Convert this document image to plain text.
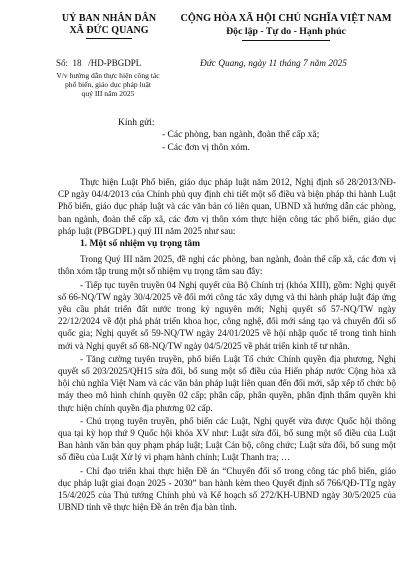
UỶ BAN NHÂN DÂN
XÃ ĐỨC QUANG
Số:  18   /HD-PBGDPL
V/v hướng dẫn thực hiện công tác
phổ biến, giáo dục pháp luật
quý III năm 2025
CỘNG HÒA XÃ HỘI CHỦ NGHĨA VIỆT NAM
Độc lập - Tự do - Hạnh phúc
Đức Quang, ngày 11 tháng 7 năm 2025
Kính gửi:
- Các phòng, ban ngành, đoàn thể cấp xã;
- Các đơn vị thôn xóm.

Thực hiện Luật Phổ biến, giáo dục pháp luật năm 2012, Nghị định số 28/2013/NĐ-CP ngày 04/4/2013 của Chính phủ quy định chi tiết một số điều và biện pháp thi hành Luật Phổ biến, giáo dục pháp luật và các văn bản có liên quan, UBND xã hướng dẫn các phòng, ban ngành, đoàn thể cấp xã, các đơn vị thôn xóm thực hiện công tác phổ biến, giáo dục pháp luật (PBGDPL) quý III năm 2025 như sau:

1. Một số nhiệm vụ trọng tâm

Trong Quý III năm 2025, đề nghị các phòng, ban ngành, đoàn thể cấp xã, các đơn vị thôn xóm tập trung một số nhiệm vụ trọng tâm sau đây:

- Tiếp tục tuyên truyền 04 Nghị quyết của Bộ Chính trị (khóa XIII), gồm: Nghị quyết số 66-NQ/TW ngày 30/4/2025 về đổi mới công tác xây dựng và thi hành pháp luật đáp ứng yêu cầu phát triển đất nước trong kỷ nguyên mới; Nghị quyết số 57-NQ/TW ngày 22/12/2024 về đột phá phát triển khoa học, công nghệ, đổi mới sáng tạo và chuyển đổi số quốc gia; Nghị quyết số 59-NQ/TW ngày 24/01/2025 về hội nhập quốc tế trong tình hình mới và Nghị quyết số 68-NQ/TW ngày 04/5/2025 về phát triển kinh tế tư nhân.

- Tăng cường tuyên truyền, phổ biến Luật Tổ chức Chính quyền địa phương, Nghị quyết số 203/2025/QH15 sửa đổi, bổ sung một số điều của Hiến pháp nước Cộng hòa xã hội chủ nghĩa Việt Nam và các văn bản pháp luật liên quan đến đổi mới, sắp xếp tổ chức bộ máy theo mô hình chính quyền 02 cấp; phân cấp, phân quyền, phân định thẩm quyền khi thực hiện chính quyền địa phương 02 cấp.

- Chú trọng tuyên truyền, phổ biến các Luật, Nghị quyết vừa được Quốc hội thông qua tại kỳ họp thứ 9 Quốc hội khóa XV như: Luật sửa đổi, bổ sung một số điều của Luật Ban hành văn bản quy phạm pháp luật; Luật Cán bộ, công chức; Luật sửa đổi, bổ sung một số điều của Luật Xử lý vi phạm hành chính; Luật Thanh tra; …

- Chỉ đạo triển khai thực hiện Đề án “Chuyển đổi số trong công tác phổ biến, giáo dục pháp luật giai đoạn 2025 - 2030” ban hành kèm theo Quyết định số 766/QĐ-TTg ngày 15/4/2025 của Thủ tướng Chính phủ và Kế hoạch số 272/KH-UBND ngày 30/5/2025 của UBND tỉnh về thực hiện Đề án trên địa bàn tỉnh.
